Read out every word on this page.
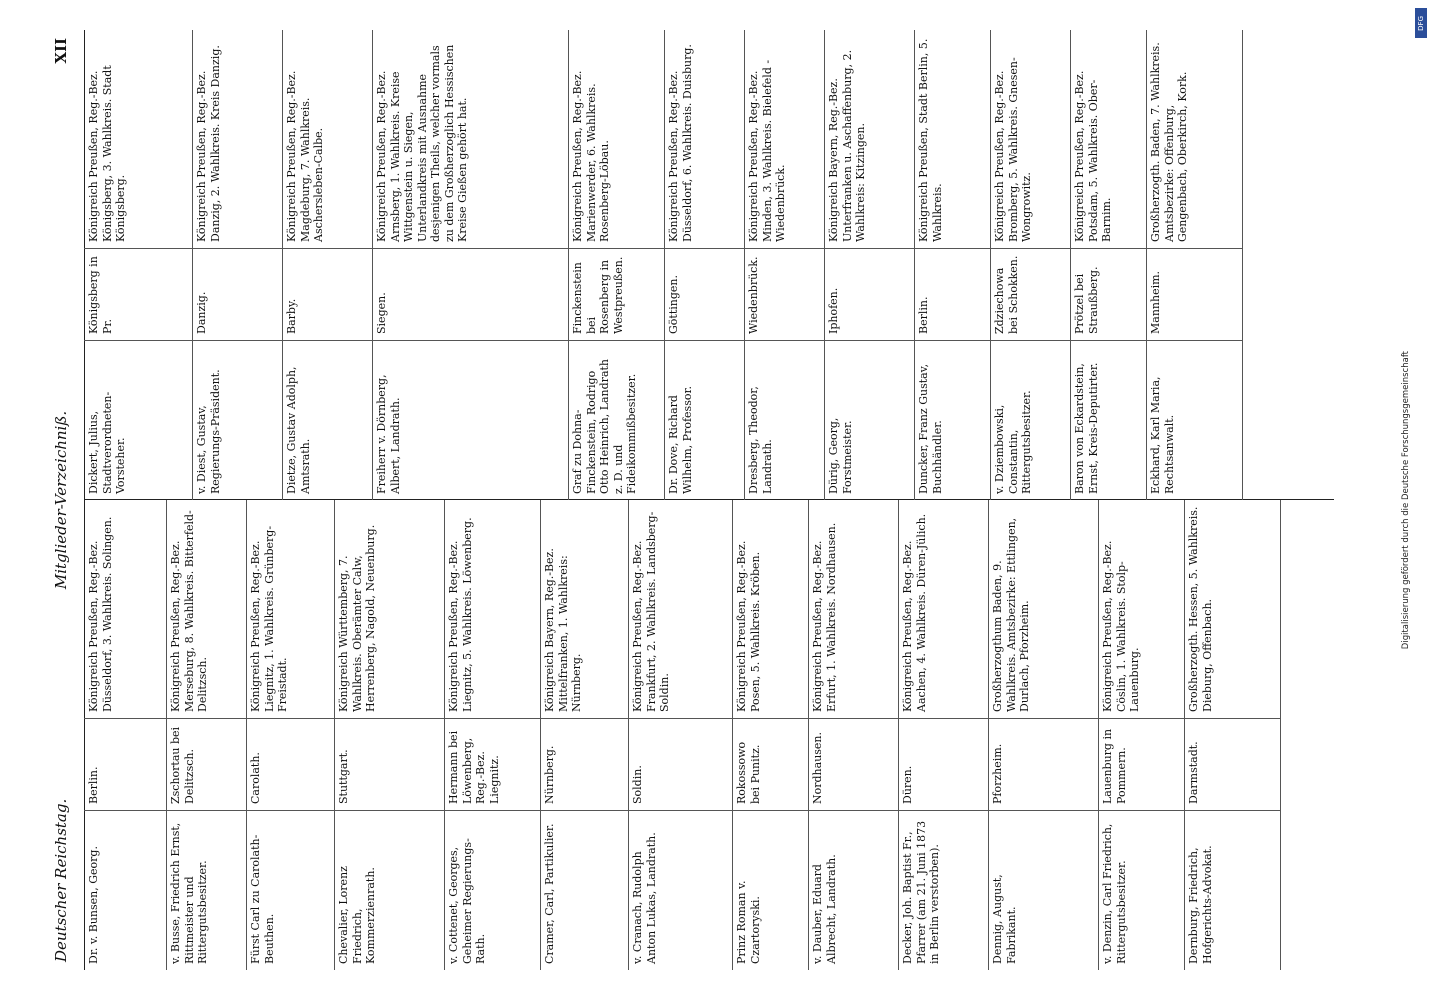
Deutscher Reichstag.
Mitglieder-Verzeichniß.
XII
Dr. v. Bunsen, Georg.
Berlin.
Königreich Preußen, Reg.-Bez. Düsseldorf, 3. Wahlkreis. Solingen.
v. Busse, Friedrich Ernst, Rittmeister und Rittergutsbesitzer.
Zschortau bei Delitzsch.
Königreich Preußen, Reg.-Bez. Merseburg, 8. Wahlkreis. Bitterfeld-Delitzsch.
Fürst Carl zu Carolath-Beuthen.
Carolath.
Königreich Preußen, Reg.-Bez. Liegnitz, 1. Wahlkreis. Grünberg-Freistadt.
Chevalier, Lorenz Friedrich, Kommerzienrath.
Stuttgart.
Königreich Württemberg, 7. Wahlkreis. Oberämter Calw, Herrenberg, Nagold, Neuenburg.
v. Cottenet, Georges, Geheimer Regierungs-Rath.
Hermann bei Löwenberg, Reg.-Bez. Liegnitz.
Königreich Preußen, Reg.-Bez. Liegnitz, 5. Wahlkreis. Löwenberg.
Cramer, Carl, Partikulier.
Nürnberg.
Königreich Bayern, Reg.-Bez. Mittelfranken, 1. Wahlkreis: Nürnberg.
v. Cranach, Rudolph Anton Lukas, Landrath.
Soldin.
Königreich Preußen, Reg.-Bez. Frankfurt, 2. Wahlkreis. Landsberg-Soldin.
Prinz Roman v. Czartoryski.
Rokossowo bei Punitz.
Königreich Preußen, Reg.-Bez. Posen, 5. Wahlkreis. Kröben.
v. Dauber, Eduard Albrecht, Landrath.
Nordhausen.
Königreich Preußen, Reg.-Bez. Erfurt, 1. Wahlkreis. Nordhausen.
Decker, Joh. Baptist Fr., Pfarrer (am 21. Juni 1873 in Berlin verstorben).
Düren.
Königreich Preußen, Reg.-Bez. Aachen, 4. Wahlkreis. Düren-Jülich.
Dennig, August, Fabrikant.
Pforzheim.
Großherzogthum Baden, 9. Wahlkreis. Amtsbezirke: Ettlingen, Durlach, Pforzheim.
v. Denzin, Carl Friedrich, Rittergutsbesitzer.
Lauenburg in Pommern.
Königreich Preußen, Reg.-Bez. Cöslin, 1. Wahlkreis. Stolp-Lauenburg.
Dernburg, Friedrich, Hofgerichts-Advokat.
Darmstadt.
Großherzogth. Hessen, 5. Wahlkreis. Dieburg, Offenbach.
Dickert, Julius, Stadtverordneten-Vorsteher.
Königsberg in Pr.
Königreich Preußen, Reg.-Bez. Königsberg, 3. Wahlkreis. Stadt Königsberg.
v. Diest, Gustav, Regierungs-Präsident.
Danzig.
Königreich Preußen, Reg.-Bez. Danzig, 2. Wahlkreis. Kreis Danzig.
Dietze, Gustav Adolph, Amtsrath.
Barby.
Königreich Preußen, Reg.-Bez. Magdeburg, 7. Wahlkreis. Aschersleben-Calbe.
Freiherr v. Dörnberg, Albert, Landrath.
Siegen.
Königreich Preußen, Reg.-Bez. Arnsberg, 1. Wahlkreis. Kreise Wittgenstein u. Siegen, Unterlandkreis mit Ausnahme desjenigen Theils, welcher vormals zu dem Großherzoglich Hessischen Kreise Gießen gehört hat.
Graf zu Dohna-Finckenstein, Rodrigo Otto Heinrich, Landrath z. D. und Fideikommißbesitzer.
Finckenstein bei Rosenberg in Westpreußen.
Königreich Preußen, Reg.-Bez. Marienwerder, 6. Wahlkreis. Rosenberg-Löbau.
Dr. Dove, Richard Wilhelm, Professor.
Göttingen.
Königreich Preußen, Reg.-Bez. Düsseldorf, 6. Wahlkreis. Duisburg.
Dresberg, Theodor, Landrath.
Wiedenbrück.
Königreich Preußen, Reg.-Bez. Minden, 3. Wahlkreis. Bielefeld - Wiedenbrück.
Dürig, Georg, Forstmeister.
Iphofen.
Königreich Bayern, Reg.-Bez. Unterfranken u. Aschaffenburg, 2. Wahlkreis: Kitzingen.
Duncker, Franz Gustav, Buchhändler.
Berlin.
Königreich Preußen, Stadt Berlin, 5. Wahlkreis.
v. Dziembowski, Constantin, Rittergutsbesitzer.
Zdziechowa bei Schokken.
Königreich Preußen, Reg.-Bez. Bromberg, 5. Wahlkreis. Gnesen-Wongrowitz.
Baron von Eckardstein, Ernst, Kreis-Deputirter.
Prötzel bei Straußberg.
Königreich Preußen, Reg.-Bez. Potsdam, 5. Wahlkreis. Ober-Barnim.
Eckhard, Karl Maria, Rechtsanwalt.
Mannheim.
Großherzogth. Baden, 7. Wahlkreis. Amtsbezirke: Offenburg, Gengenbach, Oberkirch, Kork.
Digitalisierung gefördert durch die Deutsche Forschungsgemeinschaft
DFG
